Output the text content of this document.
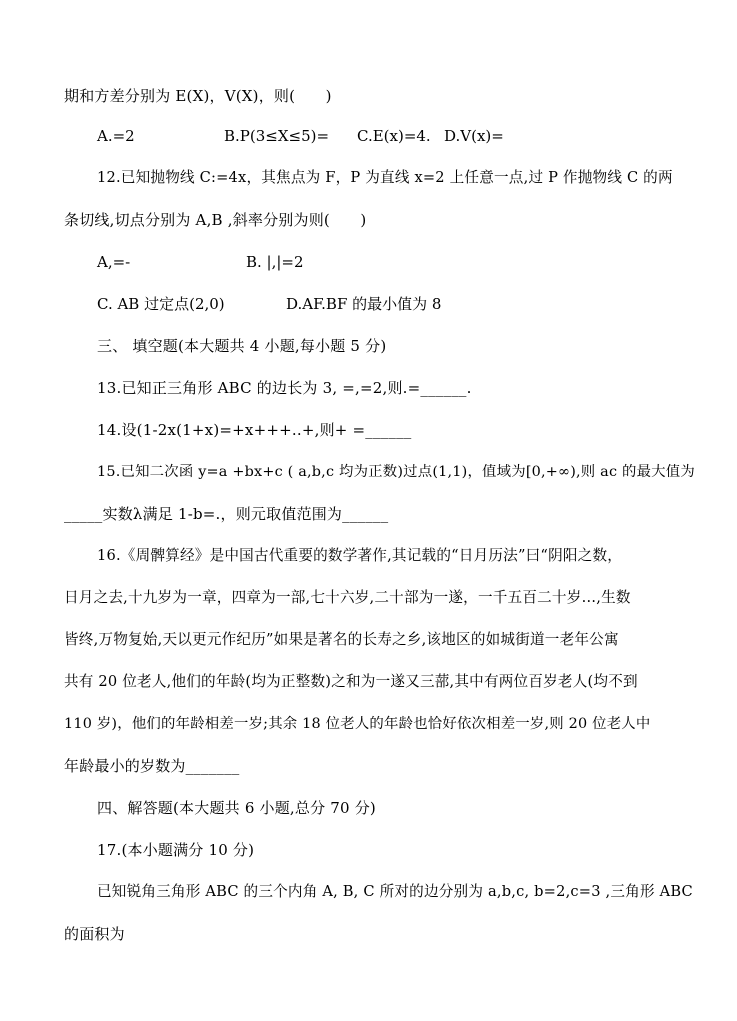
期和方差分别为 E(X)，V(X)，则(　　)
A.=2	B.P(3≤X≤5)= C.E(x)=4. D.V(x)=
12.已知抛物线 C:=4x，其焦点为 F，P 为直线 x=2 上任意一点,过 P 作抛物线 C 的两
条切线,切点分别为 A,B ,斜率分别为则(　　)
A,=-	B. |,|=2
C. AB 过定点(2,0)	D.AF.BF 的最小值为 8
三、 填空题(本大题共 4 小题,每小题 5 分)
13.已知正三角形 ABC 的边长为 3, =,=2,则.=______.
14.设(1-2x(1+x)=+x+++..+,则+ =______
15.已知二次函 y=a +bx+c ( a,b,c 均为正数)过点(1,1)，值域为[0,+∞),则 ac 的最大值为
_____实数λ满足 1-b=.，则元取值范围为______
16.《周髀算经》是中国古代重要的数学著作,其记载的“日月历法”曰“阴阳之数，
日月之去,十九岁为一章，四章为一部,七十六岁,二十部为一遂，一千五百二十岁…,生数
皆终,万物复始,天以更元作纪历”如果是著名的长寿之乡,该地区的如城街道一老年公寓
共有 20 位老人,他们的年龄(均为正整数)之和为一遂又三蔀,其中有两位百岁老人(均不到
110 岁)，他们的年龄相差一岁;其余 18 位老人的年龄也恰好依次相差一岁,则 20 位老人中
年龄最小的岁数为_______
四、解答题(本大题共 6 小题,总分 70 分)
17.(本小题满分 10 分)
已知锐角三角形 ABC 的三个内角 A, B, C 所对的边分别为 a,b,c, b=2,c=3 ,三角形 ABC
的面积为
